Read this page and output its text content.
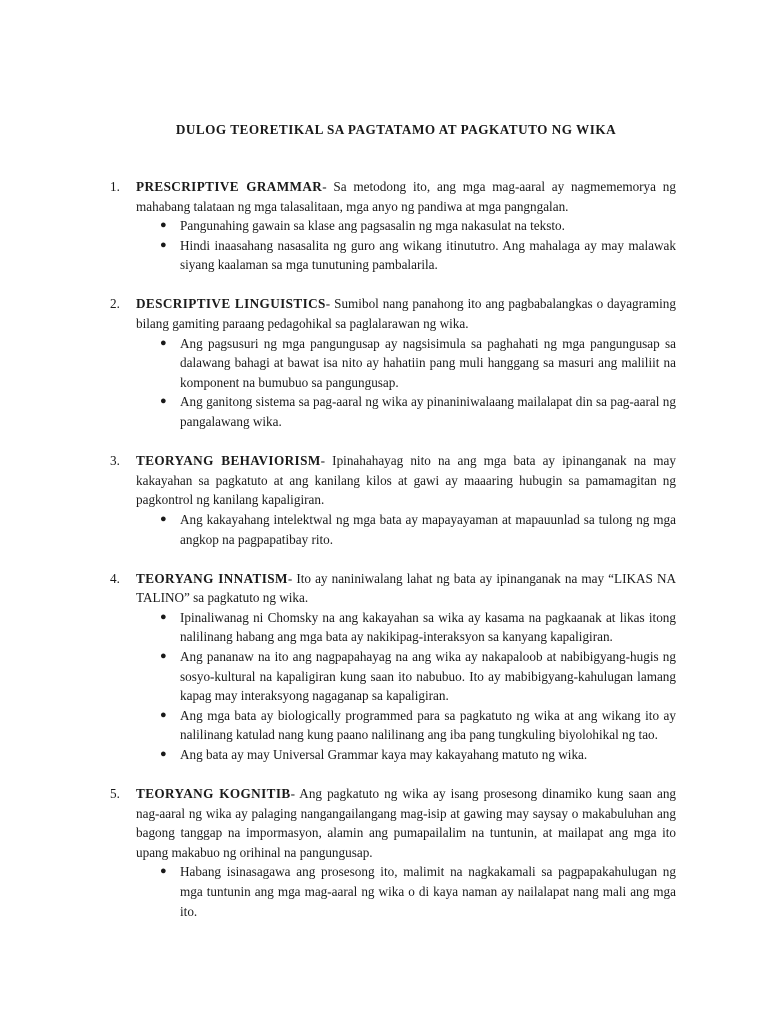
DULOG TEORETIKAL SA PAGTATAMO AT PAGKATUTO NG WIKA
1. PRESCRIPTIVE GRAMMAR- Sa metodong ito, ang mga mag-aaral ay nagmememorya ng mahabang talataan ng mga talasalitaan, mga anyo ng pandiwa at mga pangngalan.

● Pangunahing gawain sa klase ang pagsasalin ng mga nakasulat na teksto.
● Hindi inaasahang nasasalita ng guro ang wikang itinututro. Ang mahalaga ay may malawak siyang kaalaman sa mga tunutuning pambalarila.
2. DESCRIPTIVE LINGUISTICS- Sumibol nang panahong ito ang pagbabalangkas o dayagraming bilang gamiting paraang pedagohikal sa paglalarawan ng wika.

● Ang pagsusuri ng mga pangungusap ay nagsisimula sa paghahati ng mga pangungusap sa dalawang bahagi at bawat isa nito ay hahatiin pang muli hanggang sa masuri ang maliliit na komponent na bumubuo sa pangungusap.
● Ang ganitong sistema sa pag-aaral ng wika ay pinaniniwalaang mailalapat din sa pag-aaral ng pangalawang wika.
3. TEORYANG BEHAVIORISM- Ipinahahayag nito na ang mga bata ay ipinanganak na may kakayahan sa pagkatuto at ang kanilang kilos at gawi ay maaaring hubugin sa pamamagitan ng pagkontrol ng kanilang kapaligiran.

● Ang kakayahang intelektwal ng mga bata ay mapayayaman at mapauunlad sa tulong ng mga angkop na pagpapatibay rito.
4. TEORYANG INNATISM- Ito ay naniniwalang lahat ng bata ay ipinanganak na may “LIKAS NA TALINO” sa pagkatuto ng wika.

● Ipinaliwanag ni Chomsky na ang kakayahan sa wika ay kasama na pagkaanak at likas itong nalilinang habang ang mga bata ay nakikipag-interaksyon sa kanyang kapaligiran.
● Ang pananaw na ito ang nagpapahayag na ang wika ay nakapaloob at nabibigyang-hugis ng sosyo-kultural na kapaligiran kung saan ito nabubuo. Ito ay mabibigyang-kahulugan lamang kapag may interaksyong nagaganap sa kapaligiran.
● Ang mga bata ay biologically programmed para sa pagkatuto ng wika at ang wikang ito ay nalilinang katulad nang kung paano nalilinang ang iba pang tungkuling biyolohikal ng tao.
● Ang bata ay may Universal Grammar kaya may kakayahang matuto ng wika.
5. TEORYANG KOGNITIB- Ang pagkatuto ng wika ay isang prosesong dinamiko kung saan ang nag-aaral ng wika ay palaging nangangailangang mag-isip at gawing may saysay o makabuluhan ang bagong tanggap na impormasyon, alamin ang pumapailalim na tuntunin, at mailapat ang mga ito upang makabuo ng orihinal na pangungusap.

● Habang isinasagawa ang prosesong ito, malimit na nagkakamali sa pagpapakahulugan ng mga tuntunin ang mga mag-aaral ng wika o di kaya naman ay nailalapat nang mali ang mga ito.
